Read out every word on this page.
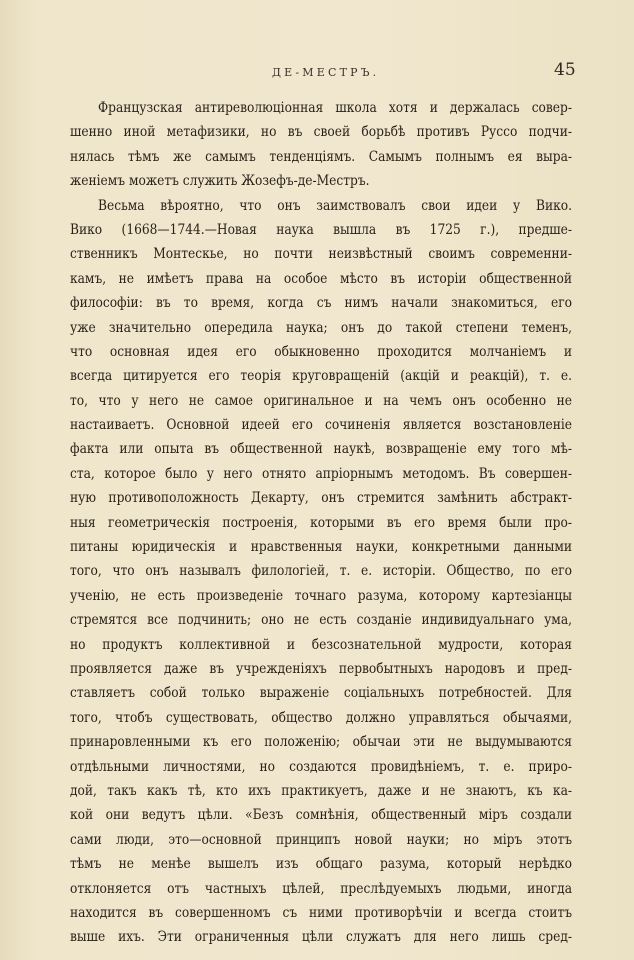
ДЕ-МЕСТРЪ.	45
Французская антиреволюціонная школа хотя и держалась совер-
шенно иной метафизики, но въ своей борьбѣ противъ Руссо подчи-
нялась тѣмъ же самымъ тенденціямъ. Самымъ полнымъ ея выра-
женіемъ можетъ служить Жозефъ-де-Местръ.
Весьма вѣроятно, что онъ заимствовалъ свои идеи у Вико.
Вико (1668—1744.—Новая наука вышла въ 1725 г.), предше-
ственникъ Монтескье, но почти неизвѣстный своимъ современни-
камъ, не имѣетъ права на особое мѣсто въ исторіи общественной
философіи: въ то время, когда съ нимъ начали знакомиться, его
уже значительно опередила наука; онъ до такой степени теменъ,
что основная идея его обыкновенно проходится молчаніемъ и
всегда цитируется его теорія круговращеній (акцій и реакцій), т. е.
то, что у него не самое оригинальное и на чемъ онъ особенно не
настаиваетъ. Основной идеей его сочиненія является возстановленіе
факта или опыта въ общественной наукѣ, возвращеніе ему того мѣ-
ста, которое было у него отнято апріорнымъ методомъ. Въ совершен-
ную противоположность Декарту, онъ стремится замѣнить абстракт-
ныя геометрическія построенія, которыми въ его время были про-
питаны юридическія и нравственныя науки, конкретными данными
того, что онъ называлъ филологіей, т. е. исторіи. Общество, по его
ученію, не есть произведеніе точнаго разума, которому картезіанцы
стремятся все подчинить; оно не есть созданіе индивидуальнаго ума,
но продуктъ коллективной и безсознательной мудрости, которая
проявляется даже въ учрежденіяхъ первобытныхъ народовъ и пред-
ставляетъ собой только выраженіе соціальныхъ потребностей. Для
того, чтобъ существовать, общество должно управляться обычаями,
принаровленными къ его положенію; обычаи эти не выдумываются
отдѣльными личностями, но создаются провидѣніемъ, т. е. приро-
дой, такъ какъ тѣ, кто ихъ практикуетъ, даже и не знаютъ, къ ка-
кой они ведутъ цѣли. «Безъ сомнѣнія, общественный міръ создали
сами люди, это—основной принципъ новой науки; но міръ этотъ
тѣмъ не менѣе вышелъ изъ общаго разума, который нерѣдко
отклоняется отъ частныхъ цѣлей, преслѣдуемыхъ людьми, иногда
находится въ совершенномъ съ ними противорѣчіи и всегда стоитъ
выше ихъ. Эти ограниченныя цѣли служатъ для него лишь сред-
